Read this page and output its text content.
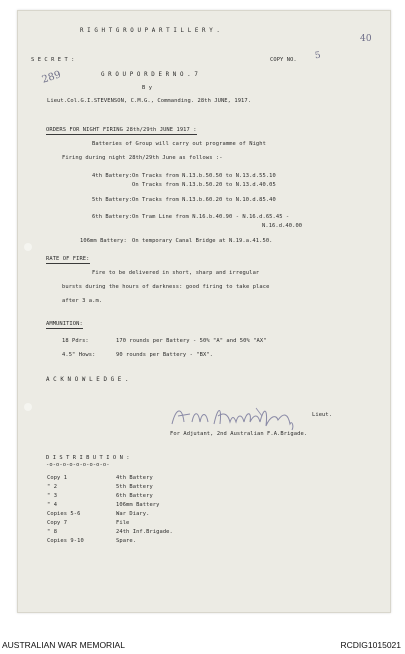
R I G H T G R O U P A R T I L L E R Y .
40
S E C R E T :	COPY NO. 5
289	G R O U P O R D E R N O . 7
B y
Lieut.Col.G.I.STEVENSON, C.M.G., Commanding. 28th JUNE, 1917.
ORDERS FOR NIGHT FIRING 28th/29th JUNE 1917 :
Batteries of Group will carry out programme of Night
Firing during night 28th/29th June as follows :-
4th Battery: On Tracks from N.13.b.50.50 to N.13.d.55.10
On Tracks from N.13.b.50.20 to N.13.d.40.05
5th Battery: On Tracks from N.13.b.60.20 to N.10.d.85.40
6th Battery: On Tram Line from N.16.b.40.90 - N.16.d.65.45 -
N.16.d.40.00
106mm Battery: On temporary Canal Bridge at N.19.a.41.50.
RATE OF FIRE:
Fire to be delivered in short, sharp and irregular
bursts during the hours of darkness: good firing to take place
after 3 a.m.
AMMUNITION:
18 Pdrs:	170 rounds per Battery - 50% "A" and 50% "AX"
4.5" Hows:	90 rounds per Battery - "BX".
A C K N O W L E D G E .
Lieut.
For Adjutant, 2nd Australian F.A.Brigade.
D I S T R I B U T I O N :
-o-o-o-o-o-o-o-o-o-
Copy 1	4th Battery
" 2	5th Battery
" 3	6th Battery
" 4	106mm Battery
Copies 5-6	War Diary.
Copy 7	File
" 8	24th Inf.Brigade.
Copies 9-10	Spare.
AUSTRALIAN WAR MEMORIAL	RCDIG1015021
